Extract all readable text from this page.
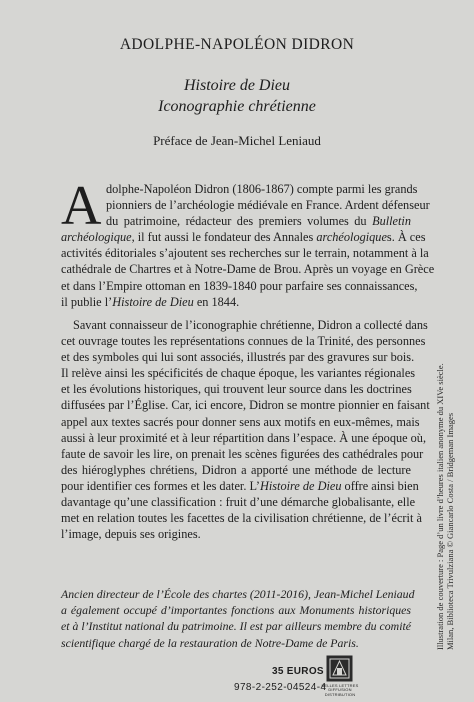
ADOLPHE-NAPOLÉON DIDRON
Histoire de Dieu
Iconographie chrétienne
Préface de Jean-Michel Leniaud
A dolphe-Napoléon Didron (1806-1867) compte parmi les grands
pionniers de l’archéologie médiévale en France. Ardent défenseur
du patrimoine, rédacteur des premiers volumes du Bulletin
archéologique, il fut aussi le fondateur des Annales archéologiques. À ces
activités éditoriales s’ajoutent ses recherches sur le terrain, notamment à la
cathédrale de Chartres et à Notre-Dame de Brou. Après un voyage en Grèce
et dans l’Empire ottoman en 1839-1840 pour parfaire ses connaissances,
il publie l’Histoire de Dieu en 1844.
Savant connaisseur de l’iconographie chrétienne, Didron a collecté dans
cet ouvrage toutes les représentations connues de la Trinité, des personnes
et des symboles qui lui sont associés, illustrés par des gravures sur bois.
Il relève ainsi les spécificités de chaque époque, les variantes régionales
et les évolutions historiques, qui trouvent leur source dans les doctrines
diffusées par l’Église. Car, ici encore, Didron se montre pionnier en faisant
appel aux textes sacrés pour donner sens aux motifs en eux-mêmes, mais
aussi à leur proximité et à leur répartition dans l’espace. À une époque où,
faute de savoir les lire, on prenait les scènes figurées des cathédrales pour
des hiéroglyphes chrétiens, Didron a apporté une méthode de lecture
pour identifier ces formes et les dater. L’Histoire de Dieu offre ainsi bien
davantage qu’une classification : fruit d’une démarche globalisante, elle
met en relation toutes les facettes de la civilisation chrétienne, de l’écrit à
l’image, depuis ses origines.
Ancien directeur de l’École des chartes (2011-2016), Jean-Michel Leniaud
a également occupé d’importantes fonctions aux Monuments historiques
et à l’Institut national du patrimoine. Il est par ailleurs membre du comité
scientifique chargé de la restauration de Notre-Dame de Paris.	Illustration de couverture : Page d’un livre d’heures italien anonyme du XIVe siècle. Milan, Biblioteca Trivulziana © Giancarlo Costa / Bridgeman Images
35 EUROS
978-2-252-04524-4
BELLES LETTRES
DIFFUSION
DISTRIBUTION
